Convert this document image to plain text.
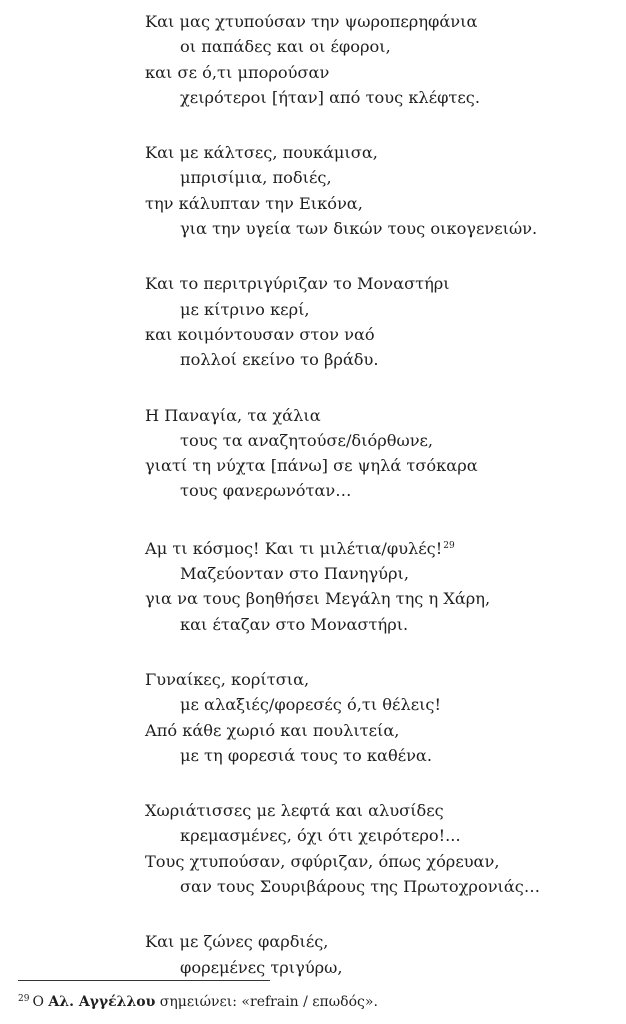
Και μας χτυπούσαν την ψωροπερηφάνια
οι παπάδες και οι έφοροι,
και σε ό,τι μπορούσαν
χειρότεροι [ήταν] από τους κλέφτες.
Και με κάλτσες, πουκάμισα,
μπρισίμια, ποδιές,
την κάλυπταν την Εικόνα,
για την υγεία των δικών τους οικογενειών.
Και το περιτριγύριζαν το Μοναστήρι
με κίτρινο κερί,
και κοιμόντουσαν στον ναό
πολλοί εκείνο το βράδυ.
Η Παναγία, τα χάλια
τους τα αναζητούσε/διόρθωνε,
γιατί τη νύχτα [πάνω] σε ψηλά τσόκαρα
τους φανερωνόταν…
Αμ τι κόσμος! Και τι μιλέτια/φυλές!$^{29}$
Μαζεύονταν στο Πανηγύρι,
για να τους βοηθήσει Μεγάλη της η Χάρη,
και έταζαν στο Μοναστήρι.
Γυναίκες, κορίτσια,
με αλαξιές/φορεσές ό,τι θέλεις!
Από κάθε χωριό και πουλιτεία,
με τη φορεσιά τους το καθένα.
Χωριάτισσες με λεφτά και αλυσίδες
κρεμασμένες, όχι ότι χειρότερο!...
Τους χτυπούσαν, σφύριζαν, όπως χόρευαν,
σαν τους Σουριβάρους της Πρωτοχρονιάς…
Και με ζώνες φαρδιές,
φορεμένες τριγύρω,
$^{29}$ Ο Αλ. Αγγέλλου σημειώνει: «refrain / επωδός».
